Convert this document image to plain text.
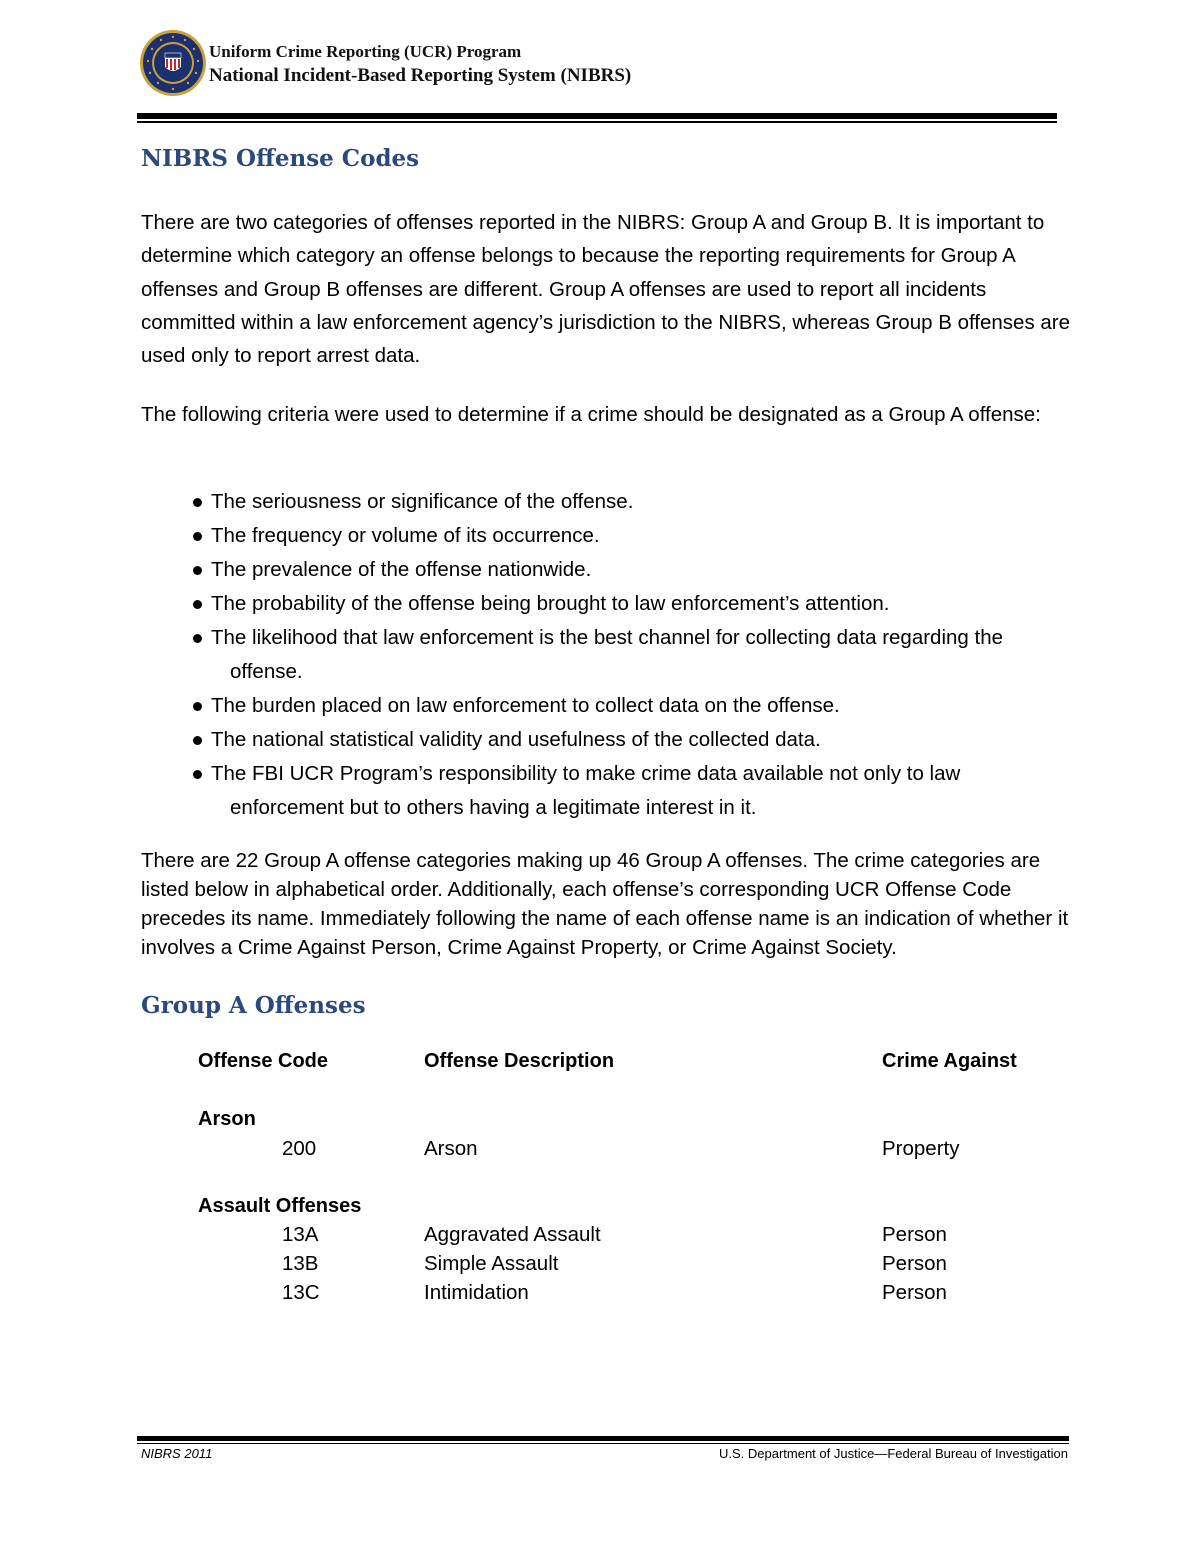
Uniform Crime Reporting (UCR) Program
National Incident-Based Reporting System (NIBRS)
NIBRS Offense Codes
There are two categories of offenses reported in the NIBRS: Group A and Group B. It is important to determine which category an offense belongs to because the reporting requirements for Group A offenses and Group B offenses are different. Group A offenses are used to report all incidents committed within a law enforcement agency’s jurisdiction to the NIBRS, whereas Group B offenses are used only to report arrest data.
The following criteria were used to determine if a crime should be designated as a Group A offense:
The seriousness or significance of the offense.
The frequency or volume of its occurrence.
The prevalence of the offense nationwide.
The probability of the offense being brought to law enforcement’s attention.
The likelihood that law enforcement is the best channel for collecting data regarding the offense.
The burden placed on law enforcement to collect data on the offense.
The national statistical validity and usefulness of the collected data.
The FBI UCR Program’s responsibility to make crime data available not only to law enforcement but to others having a legitimate interest in it.
There are 22 Group A offense categories making up 46 Group A offenses. The crime categories are listed below in alphabetical order. Additionally, each offense’s corresponding UCR Offense Code precedes its name. Immediately following the name of each offense name is an indication of whether it involves a Crime Against Person, Crime Against Property, or Crime Against Society.
Group A Offenses
Offense Code	Offense Description	Crime Against
Arson
200	Arson	Property
Assault Offenses
13A	Aggravated Assault	Person
13B	Simple Assault	Person
13C	Intimidation	Person
NIBRS 2011	U.S. Department of Justice—Federal Bureau of Investigation
